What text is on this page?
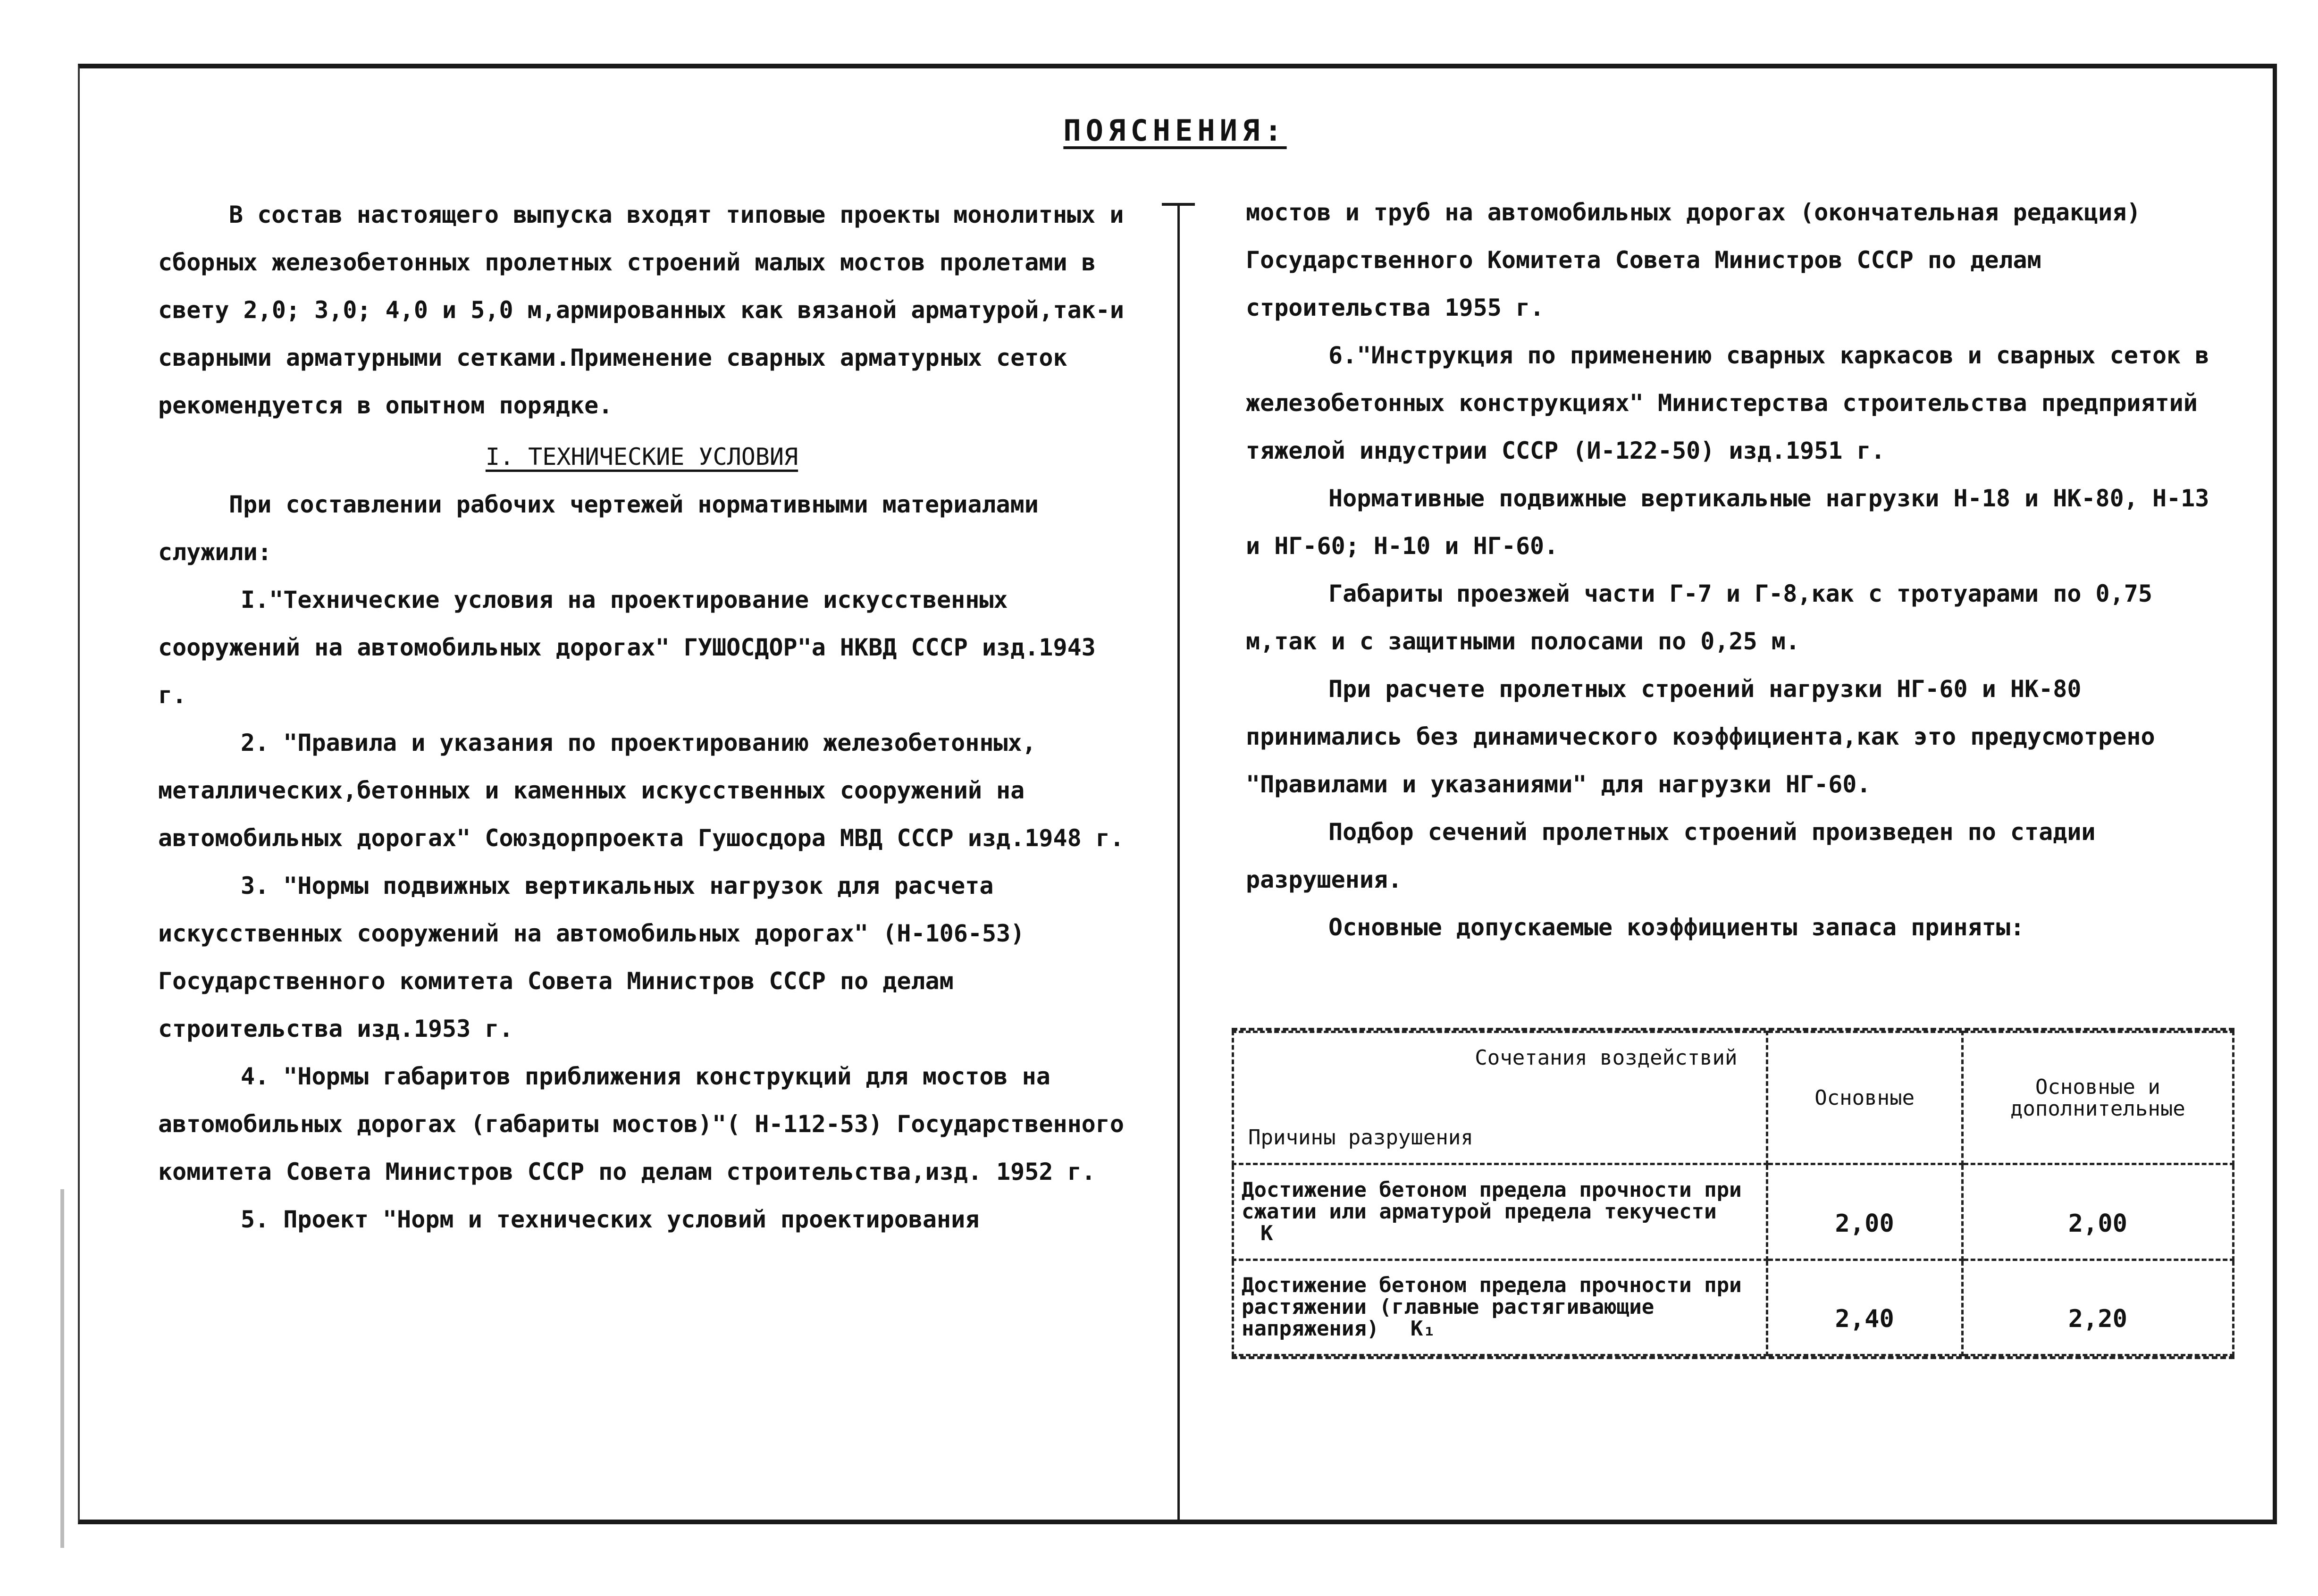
ПОЯСНЕНИЯ:

В состав настоящего выпуска входят типовые проекты монолитных и сборных железобетонных пролетных строений малых мостов пролетами в свету 2,0; 3,0; 4,0 и 5,0 м,армированных как вязаной арматурой,так-и сварными арматурными сетками.Применение сварных арматурных сеток рекомендуется в опытном порядке.

I. ТЕХНИЧЕСКИЕ УСЛОВИЯ

При составлении рабочих чертежей нормативными материалами служили:

I."Технические условия на проектирование искусственных сооружений на автомобильных дорогах" ГУШОСДОР"а НКВД СССР изд.1943 г.

2. "Правила и указания по проектированию железобетонных, металлических,бетонных и каменных искусственных сооружений на автомобильных дорогах" Союздорпроекта Гушосдора МВД СССР изд.1948 г.

3. "Нормы подвижных вертикальных нагрузок для расчета искусственных сооружений на автомобильных дорогах" (Н-106-53) Государственного комитета Совета Министров СССР по делам строительства изд.1953 г.

4. "Нормы габаритов приближения конструкций для мостов на автомобильных дорогах (габариты мостов)"( Н-112-53) Государственного комитета Совета Министров СССР по делам строительства,изд. 1952 г.

5. Проект "Норм и технических условий проектирования

мостов и труб на автомобильных дорогах (окончательная редакция) Государственного Комитета Совета Министров СССР по делам строительства 1955 г.

6."Инструкция по применению сварных каркасов и сварных сеток в железобетонных конструкциях" Министерства строительства предприятий тяжелой индустрии СССР (И-122-50) изд.1951 г.

Нормативные подвижные вертикальные нагрузки Н-18 и НК-80, Н-13 и НГ-60; Н-10 и НГ-60.

Габариты проезжей части Г-7 и Г-8,как с тротуарами по 0,75 м,так и с защитными полосами по 0,25 м.

При расчете пролетных строений нагрузки НГ-60 и НК-80 принимались без динамического коэффициента,как это предусмотрено "Правилами и указаниями" для нагрузки НГ-60.

Подбор сечений пролетных строений произведен по стадии разрушения.

Основные допускаемые коэффициенты запаса приняты:

Сочетания воздействий
Причины разрушения	Основные	Основные и дополнительные
Достижение бетоном предела прочности при сжатии или арматурой предела текучести К	2,00	2,00
Достижение бетоном предела прочности при растяжении (главные растягивающие напряжения) К₁	2,40	2,20
